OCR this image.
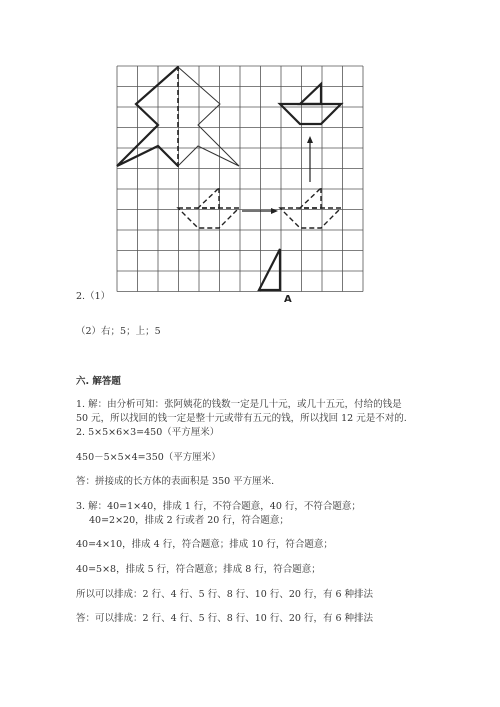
A
2.（1）
（2）右；5；上；5
六. 解答题
1. 解：由分析可知：张阿姨花的钱数一定是几十元，或几十五元，付给的钱是
50 元，所以找回的钱一定是整十元或带有五元的钱，所以找回 12 元是不对的.
2. 5×5×6×3=450（平方厘米）
450－5×5×4=350（平方厘米）
答：拼接成的长方体的表面积是 350 平方厘米.
3. 解：40=1×40，排成 1 行，不符合题意，40 行，不符合题意；
40=2×20，排成 2 行或者 20 行，符合题意；
40=4×10，排成 4 行，符合题意；排成 10 行，符合题意；
40=5×8，排成 5 行，符合题意；排成 8 行，符合题意；
所以可以排成：2 行、4 行、5 行、8 行、10 行、20 行，有 6 种排法
答：可以排成：2 行、4 行、5 行、8 行、10 行、20 行，有 6 种排法
